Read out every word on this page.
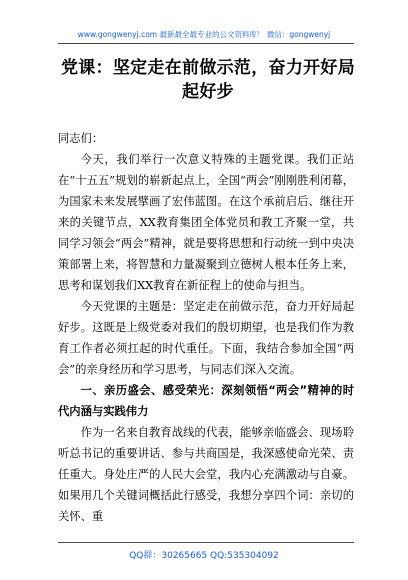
www.gongwenyj.com 最新最全最专业的公文资料库！ 微信：gongwenyj
党课：坚定走在前做示范，奋力开好局起好步

同志们：

今天，我们举行一次意义特殊的主题党课。我们正站在“十五五”规划的崭新起点上，全国“两会”刚刚胜利闭幕，为国家未来发展擘画了宏伟蓝图。在这个承前启后、继往开来的关键节点，XX教育集团全体党员和教工齐聚一堂，共同学习领会“两会”精神，就是要将思想和行动统一到中央决策部署上来，将智慧和力量凝聚到立德树人根本任务上来，思考和谋划我们XX教育在新征程上的使命与担当。

今天党课的主题是：坚定走在前做示范，奋力开好局起好步。这既是上级党委对我们的殷切期望，也是我们作为教育工作者必须扛起的时代重任。下面，我结合参加全国“两会”的亲身经历和学习思考，与同志们深入交流。

一、亲历盛会、感受荣光：深刻领悟“两会”精神的时代内涵与实践伟力

作为一名来自教育战线的代表，能够亲临盛会、现场聆听总书记的重要讲话、参与共商国是，我深感使命光荣、责任重大。身处庄严的人民大会堂，我内心充满激动与自豪。如果用几个关键词概括此行感受，我想分享四个词：亲切的关怀、重

QQ群：30265665 QQ:535304092
